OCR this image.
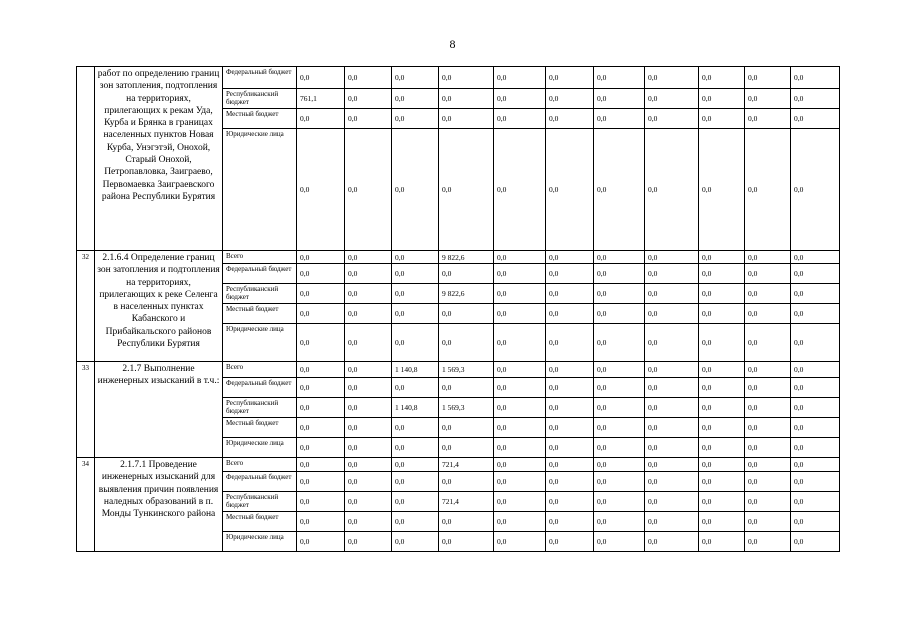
8
	работ по определению границ зон затопления, подтопления на территориях, прилегающих к рекам Уда, Курба и Брянка в границах населенных пунктов Новая Курба, Унэгэтэй, Онохой, Старый Онохой, Петропавловка, Заиграево, Первомаевка Заиграевского района Республики Бурятия	Федеральный бюджет	0,0	0,0	0,0	0,0	0,0	0,0	0,0	0,0	0,0	0,0	0,0
		Республиканский бюджет	761,1	0,0	0,0	0,0	0,0	0,0	0,0	0,0	0,0	0,0	0,0
		Местный бюджет	0,0	0,0	0,0	0,0	0,0	0,0	0,0	0,0	0,0	0,0	0,0
		Юридические лица	0,0	0,0	0,0	0,0	0,0	0,0	0,0	0,0	0,0	0,0	0,0
32	2.1.6.4 Определение границ зон затопления и подтопления на территориях, прилегающих к реке Селенга в населенных пунктах Кабанского и Прибайкальского районов Республики Бурятия	Всего	0,0	0,0	0,0	9 822,6	0,0	0,0	0,0	0,0	0,0	0,0	0,0
		Федеральный бюджет	0,0	0,0	0,0	0,0	0,0	0,0	0,0	0,0	0,0	0,0	0,0
		Республиканский бюджет	0,0	0,0	0,0	9 822,6	0,0	0,0	0,0	0,0	0,0	0,0	0,0
		Местный бюджет	0,0	0,0	0,0	0,0	0,0	0,0	0,0	0,0	0,0	0,0	0,0
		Юридические лица	0,0	0,0	0,0	0,0	0,0	0,0	0,0	0,0	0,0	0,0	0,0
33	2.1.7 Выполнение инженерных изысканий в т.ч.:	Всего	0,0	0,0	1 140,8	1 569,3	0,0	0,0	0,0	0,0	0,0	0,0	0,0
		Федеральный бюджет	0,0	0,0	0,0	0,0	0,0	0,0	0,0	0,0	0,0	0,0	0,0
		Республиканский бюджет	0,0	0,0	1 140,8	1 569,3	0,0	0,0	0,0	0,0	0,0	0,0	0,0
		Местный бюджет	0,0	0,0	0,0	0,0	0,0	0,0	0,0	0,0	0,0	0,0	0,0
		Юридические лица	0,0	0,0	0,0	0,0	0,0	0,0	0,0	0,0	0,0	0,0	0,0
34	2.1.7.1 Проведение инженерных изысканий для выявления причин появления наледных образований в п. Монды Тункинского района	Всего	0,0	0,0	0,0	721,4	0,0	0,0	0,0	0,0	0,0	0,0	0,0
		Федеральный бюджет	0,0	0,0	0,0	0,0	0,0	0,0	0,0	0,0	0,0	0,0	0,0
		Республиканский бюджет	0,0	0,0	0,0	721,4	0,0	0,0	0,0	0,0	0,0	0,0	0,0
		Местный бюджет	0,0	0,0	0,0	0,0	0,0	0,0	0,0	0,0	0,0	0,0	0,0
		Юридические лица	0,0	0,0	0,0	0,0	0,0	0,0	0,0	0,0	0,0	0,0	0,0
